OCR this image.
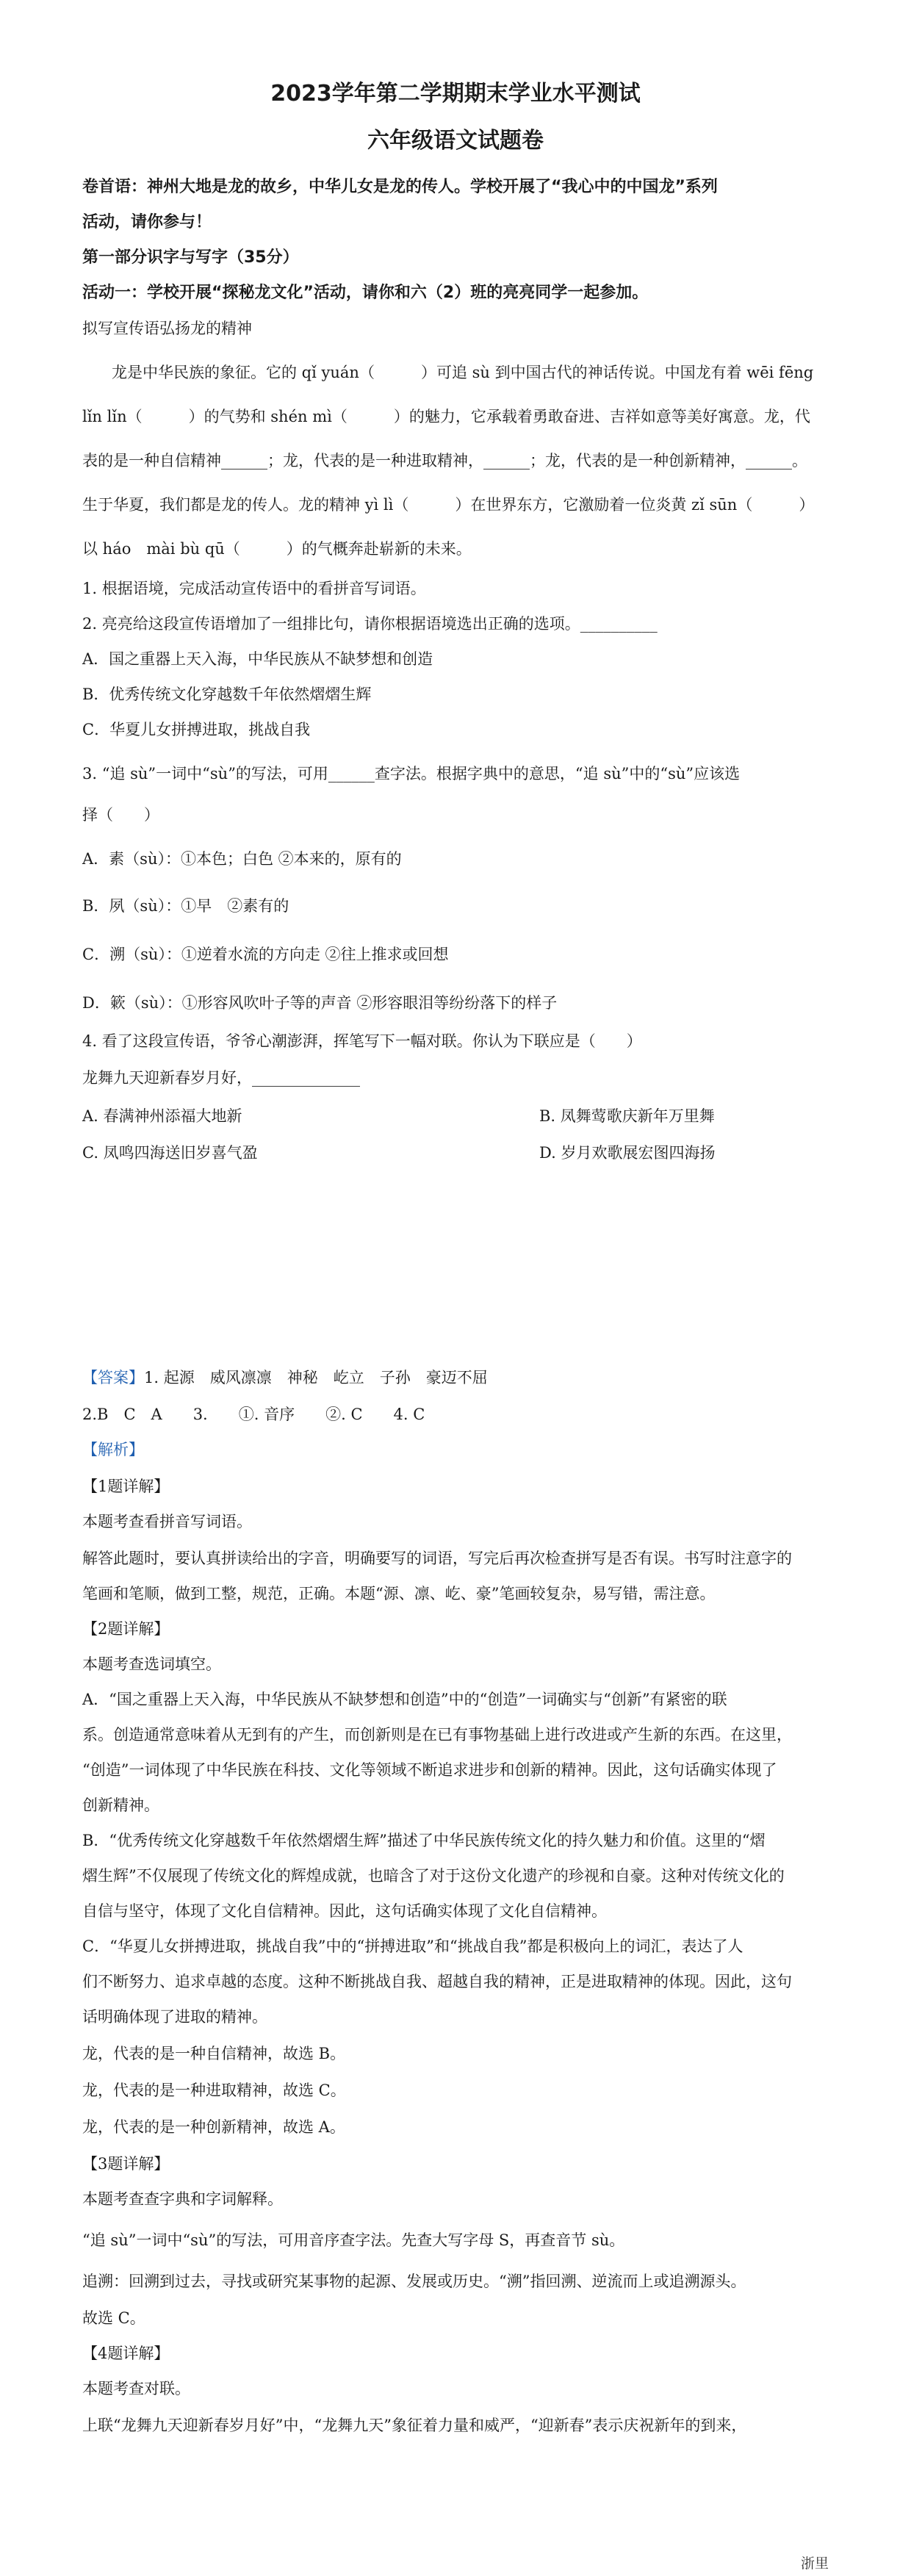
2023学年第二学期期末学业水平测试
六年级语文试题卷
卷首语：神州大地是龙的故乡，中华儿女是龙的传人。学校开展了“我心中的中国龙”系列
活动，请你参与！
第一部分识字与写字（35分）
活动一：学校开展“探秘龙文化”活动，请你和六（2）班的亮亮同学一起参加。
拟写宣传语弘扬龙的精神
龙是中华民族的象征。它的 qǐ yuán（　　　）可追 sù 到中国古代的神话传说。中国龙有着 wēi fēng
lǐn lǐn（　　　）的气势和 shén mì（　　　）的魅力，它承载着勇敢奋进、吉祥如意等美好寓意。龙，代
表的是一种自信精神______；龙，代表的是一种进取精神，______；龙，代表的是一种创新精神，______。
生于华夏，我们都是龙的传人。龙的精神 yì lì（　　　）在世界东方，它激励着一位炎黄 zǐ sūn（　　　）
以 háo　mài bù qū（　　　）的气概奔赴崭新的未来。
1. 根据语境，完成活动宣传语中的看拼音写词语。
2. 亮亮给这段宣传语增加了一组排比句，请你根据语境选出正确的选项。__________
A．国之重器上天入海，中华民族从不缺梦想和创造
B．优秀传统文化穿越数千年依然熠熠生辉
C．华夏儿女拼搏进取，挑战自我
3. “追 sù”一词中“sù”的写法，可用______查字法。根据字典中的意思，“追 sù”中的“sù”应该选
择（　　）
A．素（sù）：①本色；白色 ②本来的，原有的
B．夙（sù）：①早　②素有的
C．溯（sù）：①逆着水流的方向走 ②往上推求或回想
D．簌（sù）：①形容风吹叶子等的声音 ②形容眼泪等纷纷落下的样子
4. 看了这段宣传语，爷爷心潮澎湃，挥笔写下一幅对联。你认为下联应是（　　）
龙舞九天迎新春岁月好，______________
A. 春满神州添福大地新	B. 凤舞莺歌庆新年万里舞
C. 凤鸣四海送旧岁喜气盈	D. 岁月欢歌展宏图四海扬
【答案】1. 起源　威风凛凛　神秘　屹立　子孙　豪迈不屈
2.B　C　A　　3.　　①. 音序　　②. C　　4. C
【解析】
【1题详解】
本题考查看拼音写词语。
解答此题时，要认真拼读给出的字音，明确要写的词语，写完后再次检查拼写是否有误。书写时注意字的
笔画和笔顺，做到工整，规范，正确。本题“源、凛、屹、豪”笔画较复杂，易写错，需注意。
【2题详解】
本题考查选词填空。
A．“国之重器上天入海，中华民族从不缺梦想和创造”中的“创造”一词确实与“创新”有紧密的联
系。创造通常意味着从无到有的产生，而创新则是在已有事物基础上进行改进或产生新的东西。在这里，
“创造”一词体现了中华民族在科技、文化等领域不断追求进步和创新的精神。因此，这句话确实体现了
创新精神。
B．“优秀传统文化穿越数千年依然熠熠生辉”描述了中华民族传统文化的持久魅力和价值。这里的“熠
熠生辉”不仅展现了传统文化的辉煌成就，也暗含了对于这份文化遗产的珍视和自豪。这种对传统文化的
自信与坚守，体现了文化自信精神。因此，这句话确实体现了文化自信精神。
C．“华夏儿女拼搏进取，挑战自我”中的“拼搏进取”和“挑战自我”都是积极向上的词汇，表达了人
们不断努力、追求卓越的态度。这种不断挑战自我、超越自我的精神，正是进取精神的体现。因此，这句
话明确体现了进取的精神。
龙，代表的是一种自信精神，故选 B。
龙，代表的是一种进取精神，故选 C。
龙，代表的是一种创新精神，故选 A。
【3题详解】
本题考查查字典和字词解释。
“追 sù”一词中“sù”的写法，可用音序查字法。先查大写字母 S，再查音节 sù。
追溯：回溯到过去，寻找或研究某事物的起源、发展或历史。“溯”指回溯、逆流而上或追溯源头。
故选 C。
【4题详解】
本题考查对联。
上联“龙舞九天迎新春岁月好”中，“龙舞九天”象征着力量和威严，“迎新春”表示庆祝新年的到来，
浙里
